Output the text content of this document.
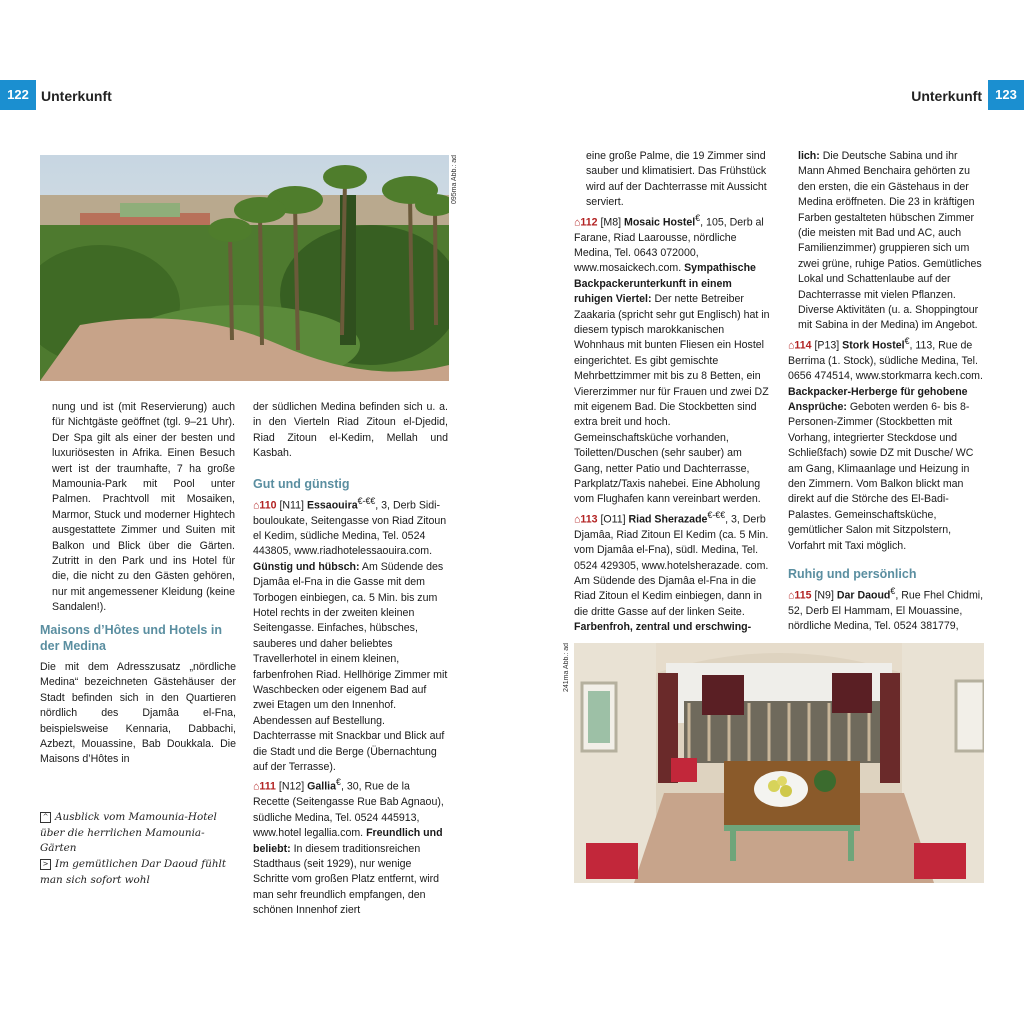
122 Unterkunft	Unterkunft	123
095ma Abb.: ad

nung und ist (mit Reservierung) auch für Nichtgäste geöffnet (tgl. 9–21 Uhr). Der Spa gilt als einer der besten und luxuriösesten in Afrika. Einen Besuch wert ist der traumhafte, 7 ha große Mamounia-Park mit Pool unter Palmen. Prachtvoll mit Mosaiken, Marmor, Stuck und moderner Hightech ausgestattete Zimmer und Suiten mit Balkon und Blick über die Gärten. Zutritt in den Park und ins Hotel für die, die nicht zu den Gästen gehören, nur mit angemessener Kleidung (keine Sandalen!).

Maisons d’Hôtes und Hotels in der Medina

Die mit dem Adresszusatz „nördliche Medina“ bezeichneten Gästehäuser der Stadt befinden sich in den Quartieren nördlich des Djamâa el-Fna, beispielsweise Kennaria, Dabbachi, Azbezt, Mouassine, Bab Doukkala. Die Maisons d’Hôtes in

^ Ausblick vom Mamounia-Hotel über die herrlichen Mamounia-Gärten
> Im gemütlichen Dar Daoud fühlt man sich sofort wohl

der südlichen Medina befinden sich u. a. in den Vierteln Riad Zitoun el-Djedid, Riad Zitoun el-Kedim, Mellah und Kasbah.

Gut und günstig

⌂110 [N11] Essaouira€-€€, 3, Derb Sidi-bouloukate, Seitengasse von Riad Zitoun el Kedim, südliche Medina, Tel. 0524 443805, www.riadhotelessaouira.com. Günstig und hübsch: Am Südende des Djamâa el-Fna in die Gasse mit dem Torbogen einbiegen, ca. 5 Min. bis zum Hotel rechts in der zweiten kleinen Seitengasse. Einfaches, hübsches, sauberes und daher beliebtes Travellerhotel in einem kleinen, farbenfrohen Riad. Hellhörige Zimmer mit Waschbecken oder eigenem Bad auf zwei Etagen um den Innenhof. Abendessen auf Bestellung. Dachterrasse mit Snackbar und Blick auf die Stadt und die Berge (Übernachtung auf der Terrasse).

⌂111 [N12] Gallia€, 30, Rue de la Recette (Seitengasse Rue Bab Agnaou), südliche Medina, Tel. 0524 445913, www.hotel legallia.com. Freundlich und beliebt: In diesem traditionsreichen Stadthaus (seit 1929), nur wenige Schritte vom großen Platz entfernt, wird man sehr freundlich empfangen, den schönen Innenhof ziert

eine große Palme, die 19 Zimmer sind sauber und klimatisiert. Das Frühstück wird auf der Dachterrasse mit Aussicht serviert.

⌂112 [M8] Mosaic Hostel€, 105, Derb al Farane, Riad Laarousse, nördliche Medina, Tel. 0643 072000, www.mosaickech.com. Sympathische Backpackerunterkunft in einem ruhigen Viertel: Der nette Betreiber Zaakaria (spricht sehr gut Englisch) hat in diesem typisch marokkanischen Wohnhaus mit bunten Fliesen ein Hostel eingerichtet. Es gibt gemischte Mehrbettzimmer mit bis zu 8 Betten, ein Viererzimmer nur für Frauen und zwei DZ mit eigenem Bad. Die Stockbetten sind extra breit und hoch. Gemeinschaftsküche vorhanden, Toiletten/Duschen (sehr sauber) am Gang, netter Patio und Dachterrasse, Parkplatz/Taxis nahebei. Eine Abholung vom Flughafen kann vereinbart werden.

⌂113 [O11] Riad Sherazade€-€€, 3, Derb Djamâa, Riad Zitoun El Kedim (ca. 5 Min. vom Djamâa el-Fna), südl. Medina, Tel. 0524 429305, www.hotelsherazade. com. Am Südende des Djamâa el-Fna in die Riad Zitoun el Kedim einbiegen, dann in die dritte Gasse auf der linken Seite. Farbenfroh, zentral und erschwing-

lich: Die Deutsche Sabina und ihr Mann Ahmed Benchaira gehörten zu den ersten, die ein Gästehaus in der Medina eröffneten. Die 23 in kräftigen Farben gestalteten hübschen Zimmer (die meisten mit Bad und AC, auch Familienzimmer) gruppieren sich um zwei grüne, ruhige Patios. Gemütliches Lokal und Schattenlaube auf der Dachterrasse mit vielen Pflanzen. Diverse Aktivitäten (u. a. Shoppingtour mit Sabina in der Medina) im Angebot.

⌂114 [P13] Stork Hostel€, 113, Rue de Berrima (1. Stock), südliche Medina, Tel. 0656 474514, www.storkmarra kech.com. Backpacker-Herberge für gehobene Ansprüche: Geboten werden 6- bis 8-Personen-Zimmer (Stockbetten mit Vorhang, integrierter Steckdose und Schließfach) sowie DZ mit Dusche/ WC am Gang, Klimaanlage und Heizung in den Zimmern. Vom Balkon blickt man direkt auf die Störche des El-Badi-Palastes. Gemeinschaftsküche, gemütlicher Salon mit Sitzpolstern, Vorfahrt mit Taxi möglich.

Ruhig und persönlich

⌂115 [N9] Dar Daoud€, Rue Fhel Chidmi, 52, Derb El Hammam, El Mouassine, nördliche Medina, Tel. 0524 381779,

241ma Abb.: ad
